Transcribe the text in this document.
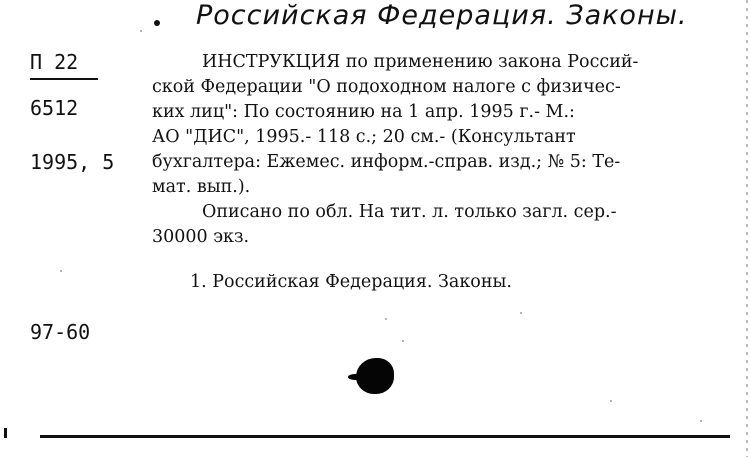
Российская Федерация. Законы.
П 22
6512
1995, 5
97-60
ИНСТРУКЦИЯ по применению закона Россий-
ской Федерации "О подоходном налоге с физичес-
ких лиц": По состоянию на 1 апр. 1995 г.- М.:
АО "ДИС", 1995.- 118 с.; 20 см.- (Консультант
бухгалтера: Ежемес. информ.-справ. изд.; № 5: Те-
мат. вып.).
Описано по обл. На тит. л. только загл. сер.-
30000 экз.
1. Российская Федерация. Законы.
